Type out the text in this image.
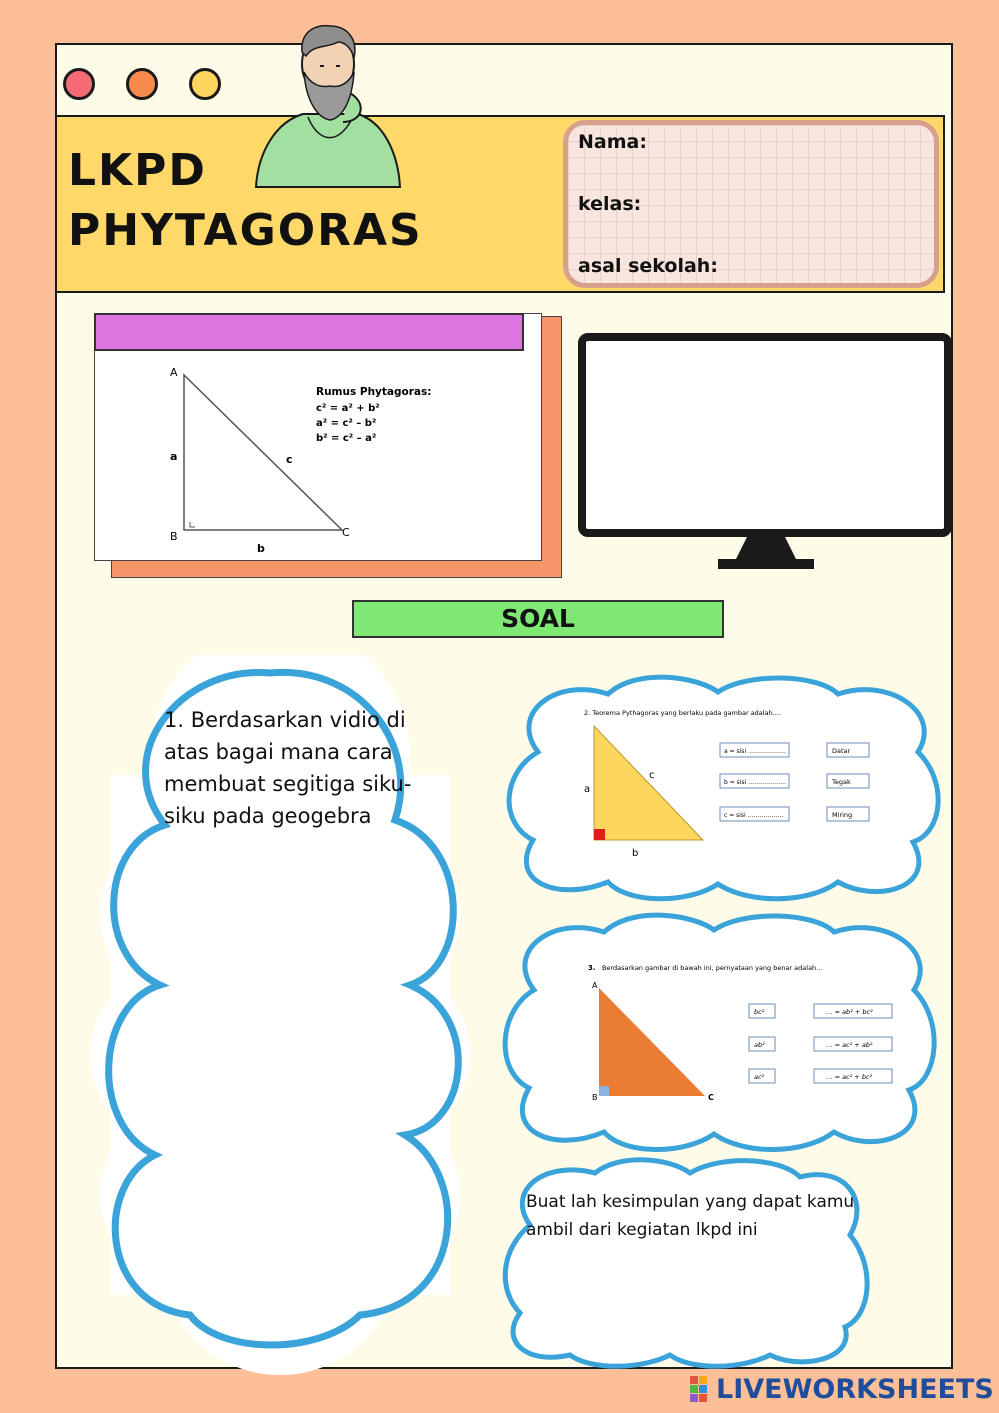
LKPD
PHYTAGORAS
Nama:
kelas:
asal sekolah:
A
B	C
a
b
c
Rumus Phytagoras:
c² = a² + b²
a² = c² – b²
b² = c² – a²
SOAL
1. Berdasarkan vidio di atas bagai mana cara membuat segitiga siku-siku pada geogebra
2. Teorema Pythagoras yang berlaku pada gambar adalah....
a
b
c
a = sisi ……………….
b = sisi ……………….
c = sisi ………………
Datar
Tegak
Miring
3. Berdasarkan gambar di bawah ini, pernyataan yang benar adalah...
A
B	C
bc²
ab²
ac²
… = ab² + bc²
… = ac² + ab²
… = ac² + bc²
Buat lah kesimpulan yang dapat kamu ambil dari kegiatan lkpd ini
LIVEWORKSHEETS
